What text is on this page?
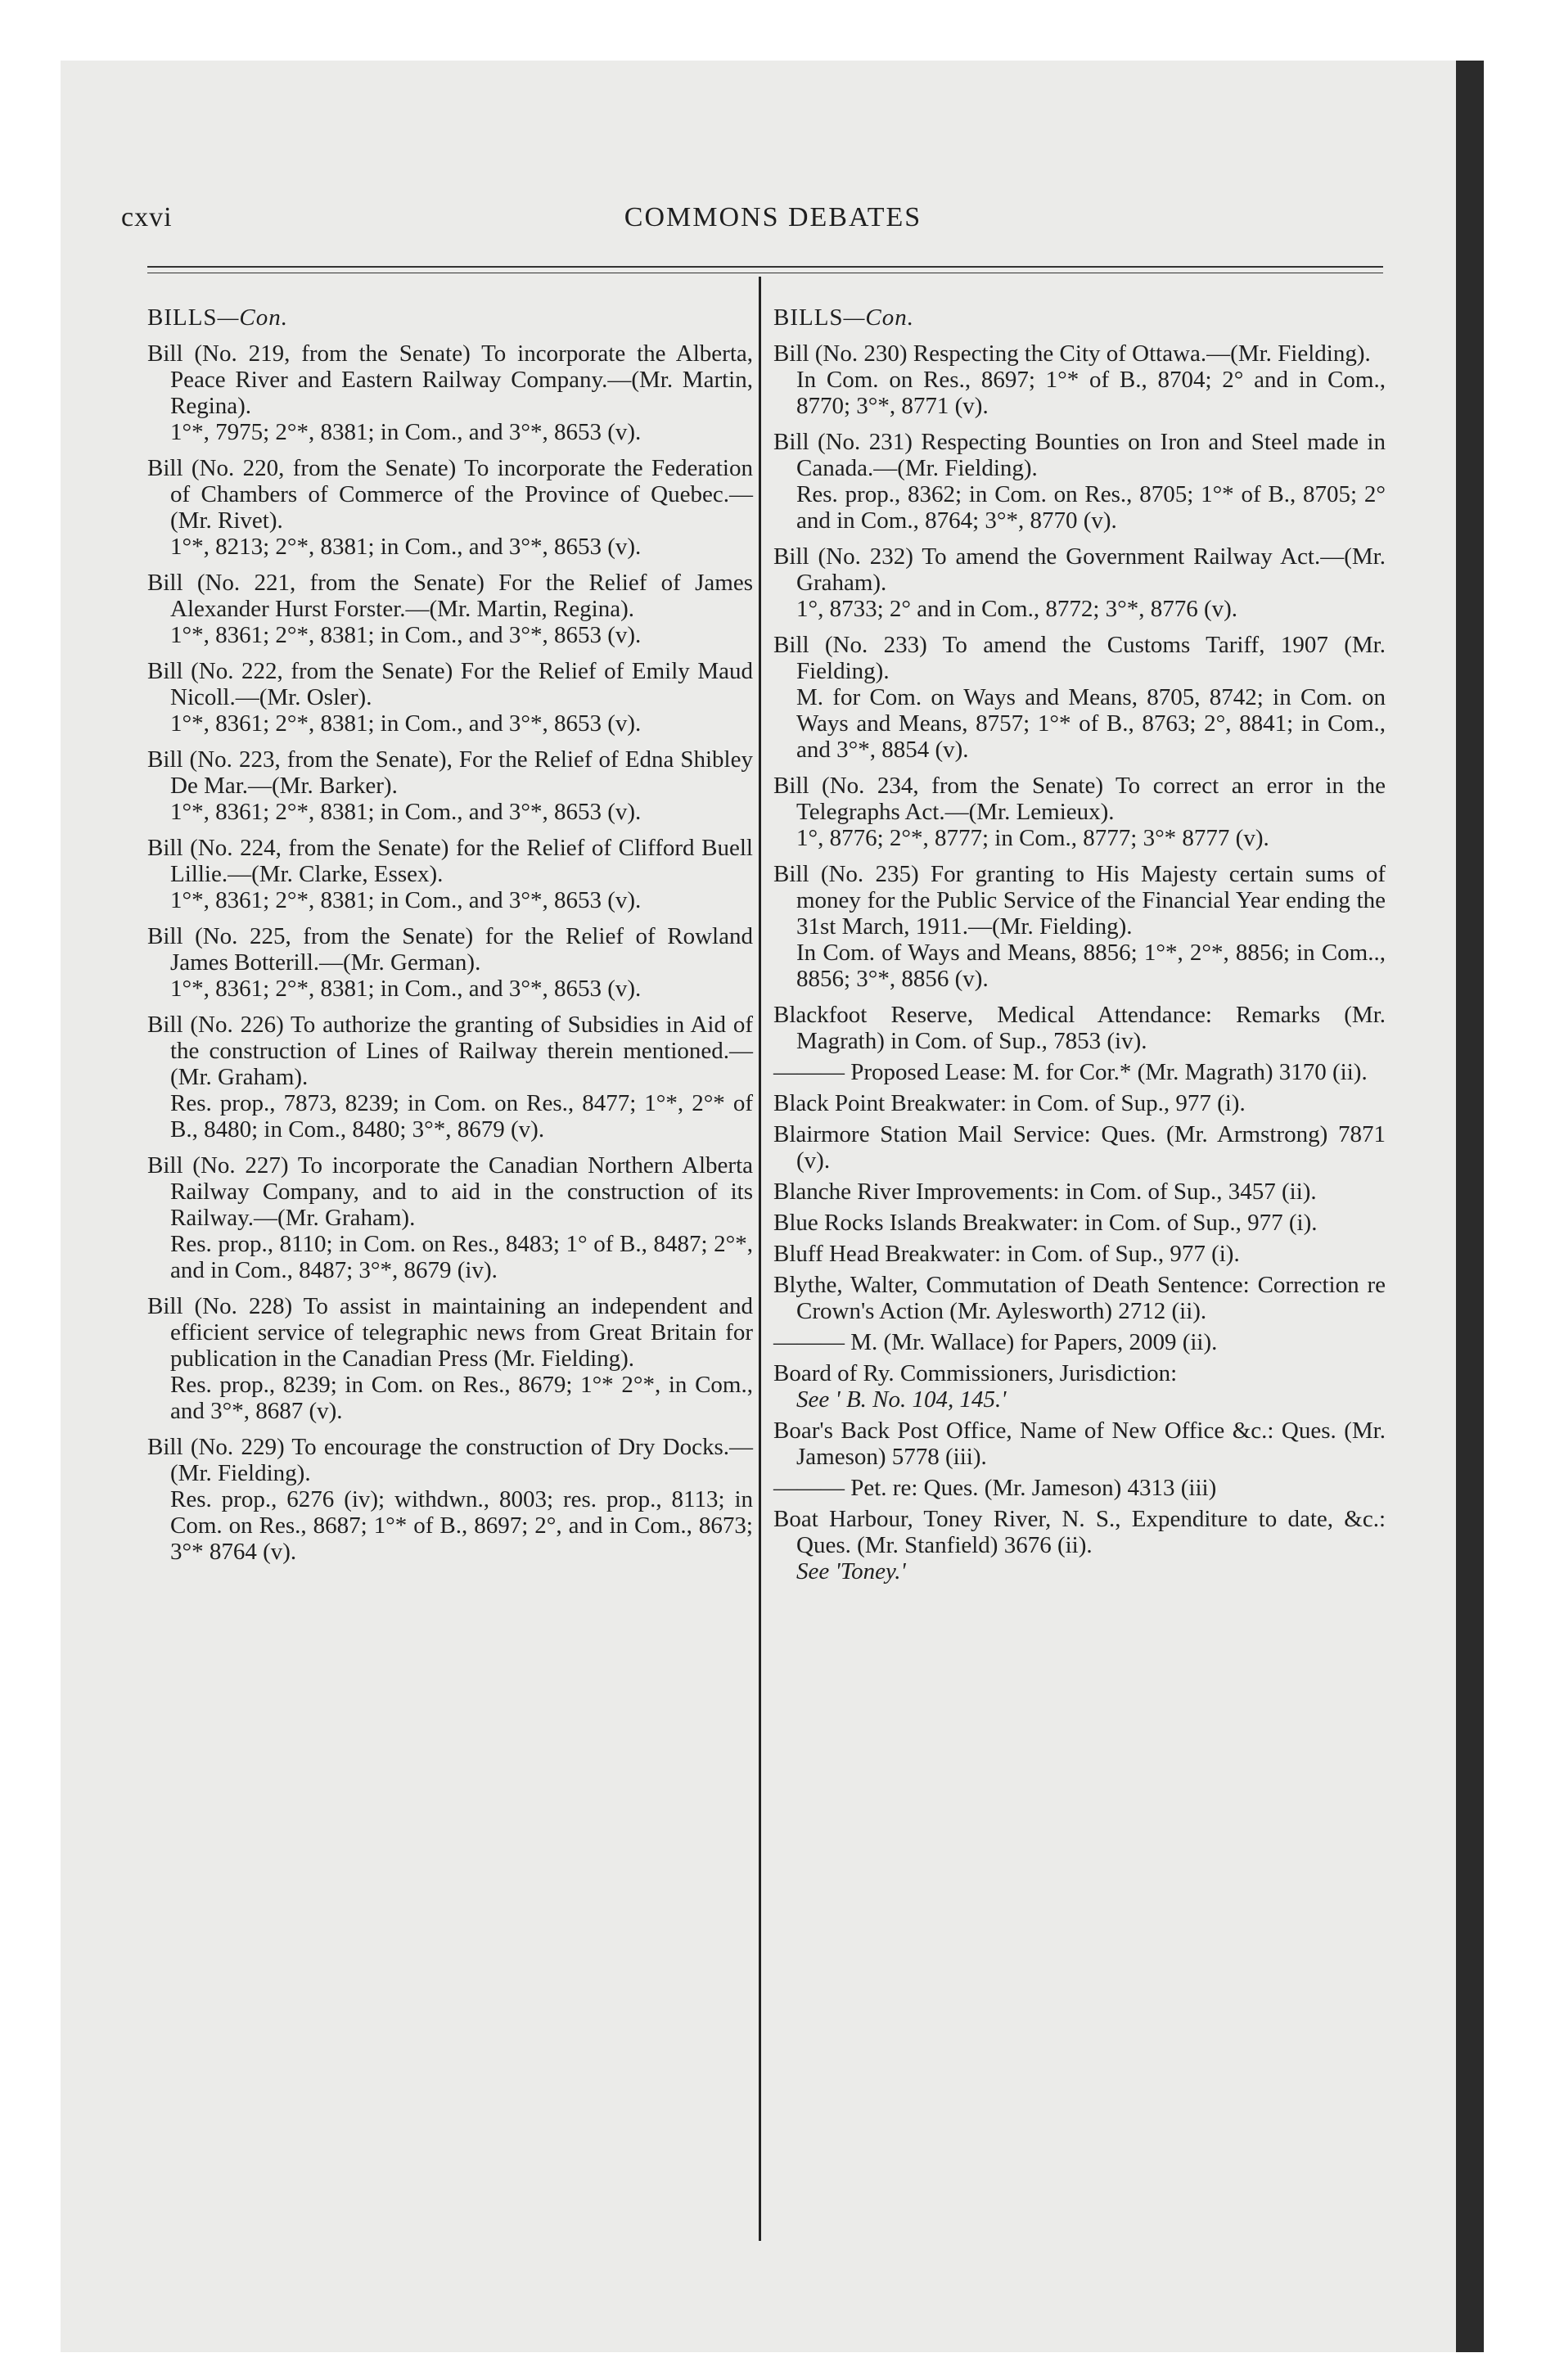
cxvi	COMMONS DEBATES
BILLS—Con.
Bill (No. 219, from the Senate) To incorporate the Alberta, Peace River and Eastern Railway Company.—(Mr. Martin, Regina).
1°*, 7975; 2°*, 8381; in Com., and 3°*, 8653 (v).
Bill (No. 220, from the Senate) To incorporate the Federation of Chambers of Commerce of the Province of Quebec.—(Mr. Rivet).
1°*, 8213; 2°*, 8381; in Com., and 3°*, 8653 (v).
Bill (No. 221, from the Senate) For the Relief of James Alexander Hurst Forster.—(Mr. Martin, Regina).
1°*, 8361; 2°*, 8381; in Com., and 3°*, 8653 (v).
Bill (No. 222, from the Senate) For the Relief of Emily Maud Nicoll.—(Mr. Osler).
1°*, 8361; 2°*, 8381; in Com., and 3°*, 8653 (v).
Bill (No. 223, from the Senate), For the Relief of Edna Shibley De Mar.—(Mr. Barker).
1°*, 8361; 2°*, 8381; in Com., and 3°*, 8653 (v).
Bill (No. 224, from the Senate) for the Relief of Clifford Buell Lillie.—(Mr. Clarke, Essex).
1°*, 8361; 2°*, 8381; in Com., and 3°*, 8653 (v).
Bill (No. 225, from the Senate) for the Relief of Rowland James Botterill.—(Mr. German).
1°*, 8361; 2°*, 8381; in Com., and 3°*, 8653 (v).
Bill (No. 226) To authorize the granting of Subsidies in Aid of the construction of Lines of Railway therein mentioned.—(Mr. Graham).
Res. prop., 7873, 8239; in Com. on Res., 8477; 1°*, 2°* of B., 8480; in Com., 8480; 3°*, 8679 (v).
Bill (No. 227) To incorporate the Canadian Northern Alberta Railway Company, and to aid in the construction of its Railway.—(Mr. Graham).
Res. prop., 8110; in Com. on Res., 8483; 1° of B., 8487; 2°*, and in Com., 8487; 3°*, 8679 (iv).
Bill (No. 228) To assist in maintaining an independent and efficient service of telegraphic news from Great Britain for publication in the Canadian Press (Mr. Fielding).
Res. prop., 8239; in Com. on Res., 8679; 1°* 2°*, in Com., and 3°*, 8687 (v).
Bill (No. 229) To encourage the construction of Dry Docks.—(Mr. Fielding).
Res. prop., 6276 (iv); withdwn., 8003; res. prop., 8113; in Com. on Res., 8687; 1°* of B., 8697; 2°, and in Com., 8673; 3°* 8764 (v).
BILLS—Con.
Bill (No. 230) Respecting the City of Ottawa.—(Mr. Fielding).
In Com. on Res., 8697; 1°* of B., 8704; 2° and in Com., 8770; 3°*, 8771 (v).
Bill (No. 231) Respecting Bounties on Iron and Steel made in Canada.—(Mr. Fielding).
Res. prop., 8362; in Com. on Res., 8705; 1°* of B., 8705; 2° and in Com., 8764; 3°*, 8770 (v).
Bill (No. 232) To amend the Government Railway Act.—(Mr. Graham).
1°, 8733; 2° and in Com., 8772; 3°*, 8776 (v).
Bill (No. 233) To amend the Customs Tariff, 1907 (Mr. Fielding).
M. for Com. on Ways and Means, 8705, 8742; in Com. on Ways and Means, 8757; 1°* of B., 8763; 2°, 8841; in Com., and 3°*, 8854 (v).
Bill (No. 234, from the Senate) To correct an error in the Telegraphs Act.—(Mr. Lemieux).
1°, 8776; 2°*, 8777; in Com., 8777; 3°* 8777 (v).
Bill (No. 235) For granting to His Majesty certain sums of money for the Public Service of the Financial Year ending the 31st March, 1911.—(Mr. Fielding).
In Com. of Ways and Means, 8856; 1°*, 2°*, 8856; in Com.., 8856; 3°*, 8856 (v).
Blackfoot Reserve, Medical Attendance: Remarks (Mr. Magrath) in Com. of Sup., 7853 (iv).
——— Proposed Lease: M. for Cor.* (Mr. Magrath) 3170 (ii).
Black Point Breakwater: in Com. of Sup., 977 (i).
Blairmore Station Mail Service: Ques. (Mr. Armstrong) 7871 (v).
Blanche River Improvements: in Com. of Sup., 3457 (ii).
Blue Rocks Islands Breakwater: in Com. of Sup., 977 (i).
Bluff Head Breakwater: in Com. of Sup., 977 (i).
Blythe, Walter, Commutation of Death Sentence: Correction re Crown's Action (Mr. Aylesworth) 2712 (ii).
——— M. (Mr. Wallace) for Papers, 2009 (ii).
Board of Ry. Commissioners, Jurisdiction:
See ' B. No. 104, 145.'
Boar's Back Post Office, Name of New Office &c.: Ques. (Mr. Jameson) 5778 (iii).
——— Pet. re: Ques. (Mr. Jameson) 4313 (iii)
Boat Harbour, Toney River, N. S., Expenditure to date, &c.: Ques. (Mr. Stanfield) 3676 (ii).
See 'Toney.'
